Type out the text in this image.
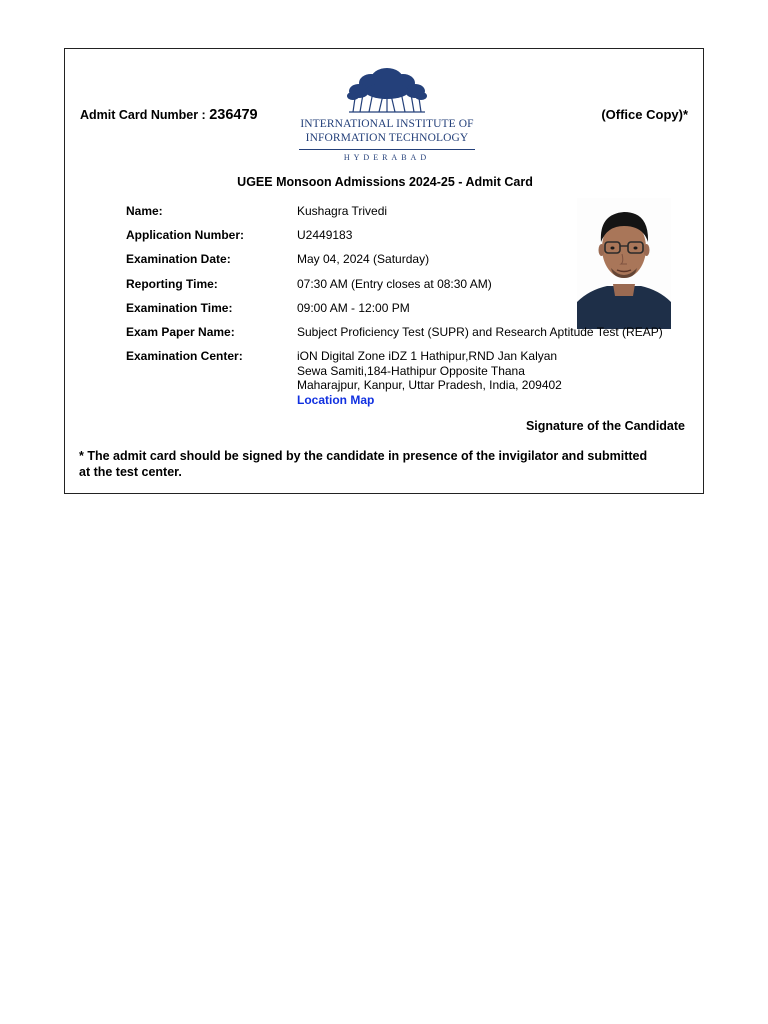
Admit Card Number : 236479	(Office Copy)*
INTERNATIONAL INSTITUTE OF
INFORMATION TECHNOLOGY
HYDERABAD
UGEE Monsoon Admissions 2024-25 - Admit Card
Name:	Kushagra Trivedi
Application Number:	U2449183
Examination Date:	May 04, 2024 (Saturday)
Reporting Time:	07:30 AM (Entry closes at 08:30 AM)
Examination Time:	09:00 AM - 12:00 PM
Exam Paper Name:	Subject Proficiency Test (SUPR) and Research Aptitude Test (REAP)
Examination Center:	iON Digital Zone iDZ 1 Hathipur,RND Jan Kalyan
Sewa Samiti,184-Hathipur Opposite Thana
Maharajpur, Kanpur, Uttar Pradesh, India, 209402
Location Map
Signature of the Candidate
* The admit card should be signed by the candidate in presence of the invigilator and submitted
at the test center.
